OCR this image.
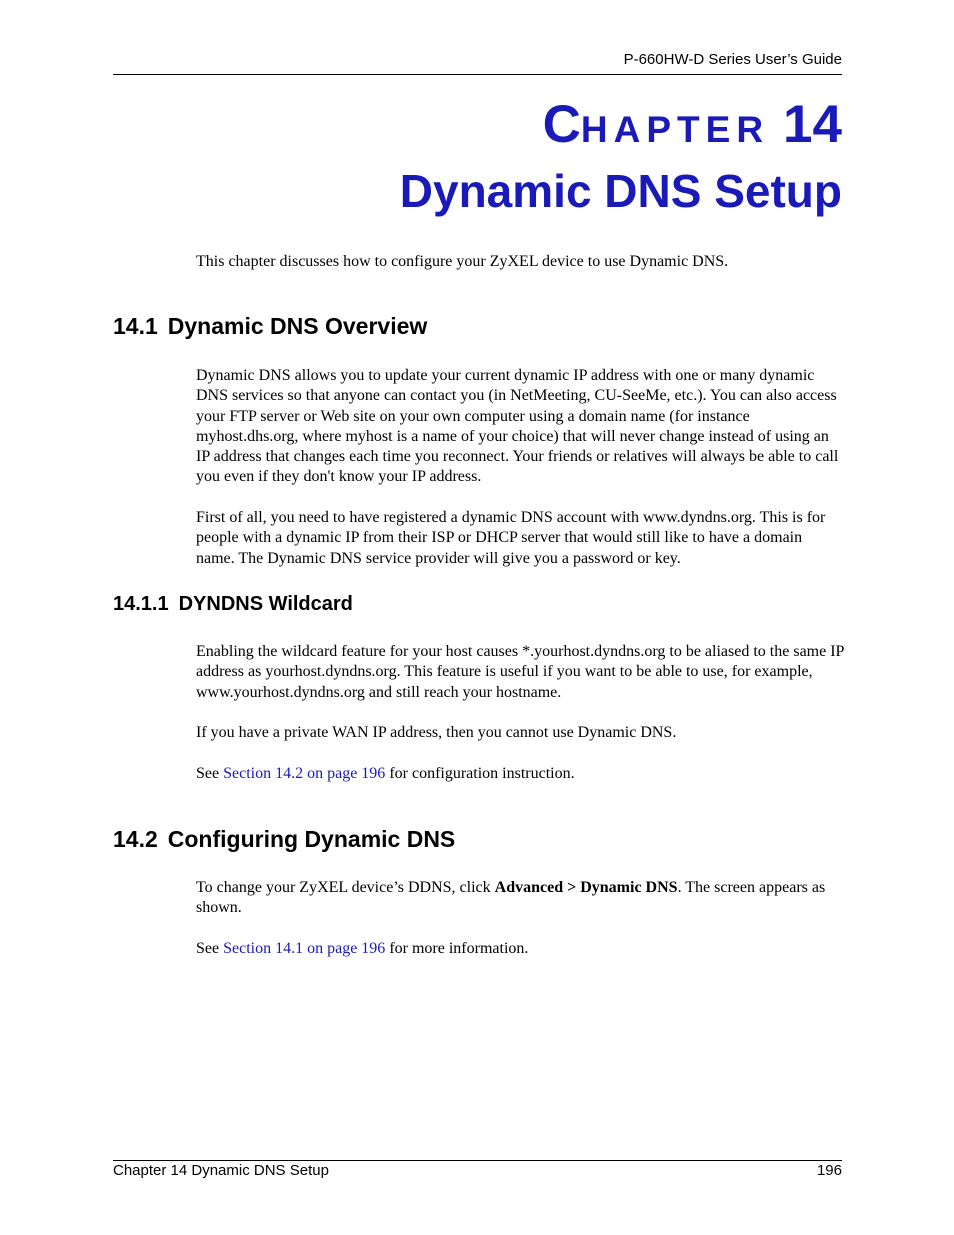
P-660HW-D Series User’s Guide
CHAPTER 14
Dynamic DNS Setup

This chapter discusses how to configure your ZyXEL device to use Dynamic DNS.

14.1 Dynamic DNS Overview

Dynamic DNS allows you to update your current dynamic IP address with one or many dynamic DNS services so that anyone can contact you (in NetMeeting, CU-SeeMe, etc.). You can also access your FTP server or Web site on your own computer using a domain name (for instance myhost.dhs.org, where myhost is a name of your choice) that will never change instead of using an IP address that changes each time you reconnect. Your friends or relatives will always be able to call you even if they don't know your IP address.

First of all, you need to have registered a dynamic DNS account with www.dyndns.org. This is for people with a dynamic IP from their ISP or DHCP server that would still like to have a domain name. The Dynamic DNS service provider will give you a password or key.

14.1.1 DYNDNS Wildcard

Enabling the wildcard feature for your host causes *.yourhost.dyndns.org to be aliased to the same IP address as yourhost.dyndns.org. This feature is useful if you want to be able to use, for example, www.yourhost.dyndns.org and still reach your hostname.

If you have a private WAN IP address, then you cannot use Dynamic DNS.

See Section 14.2 on page 196 for configuration instruction.

14.2 Configuring Dynamic DNS

To change your ZyXEL device’s DDNS, click Advanced > Dynamic DNS. The screen appears as shown.

See Section 14.1 on page 196 for more information.

Chapter 14 Dynamic DNS Setup	196
